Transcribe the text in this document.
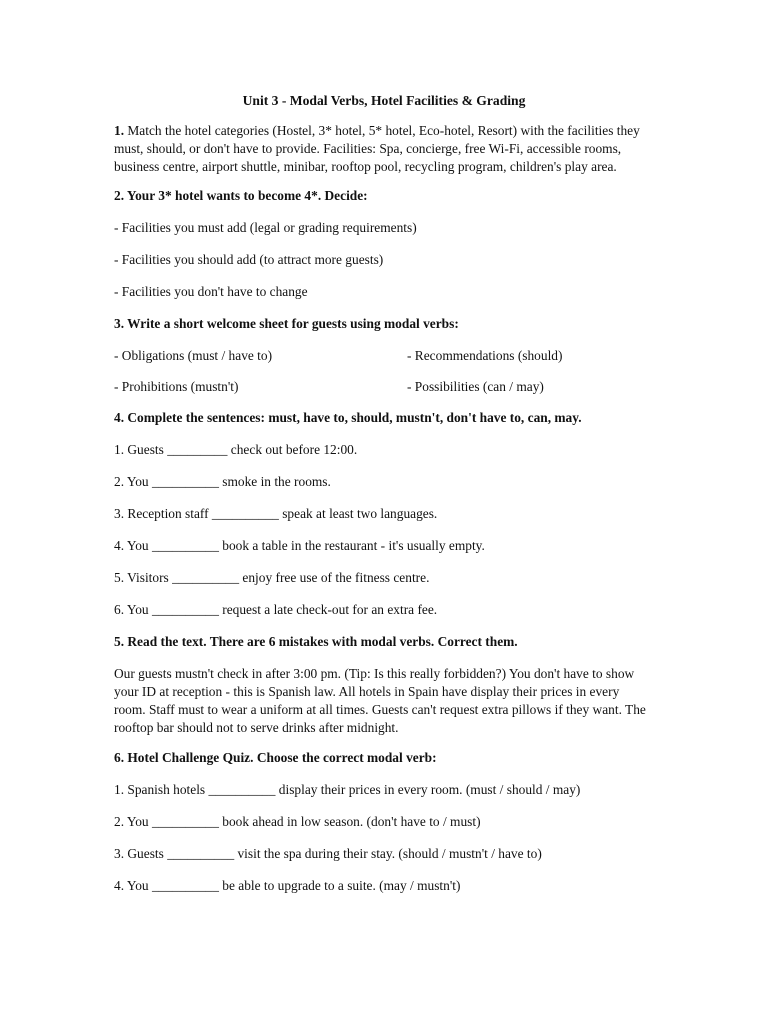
Unit 3 - Modal Verbs, Hotel Facilities & Grading
1. Match the hotel categories (Hostel, 3* hotel, 5* hotel, Eco-hotel, Resort) with the facilities they must, should, or don't have to provide. Facilities: Spa, concierge, free Wi-Fi, accessible rooms, business centre, airport shuttle, minibar, rooftop pool, recycling program, children's play area.
2. Your 3* hotel wants to become 4*. Decide:
- Facilities you must add (legal or grading requirements)
- Facilities you should add (to attract more guests)
- Facilities you don't have to change
3. Write a short welcome sheet for guests using modal verbs:
- Obligations (must / have to)	- Recommendations (should)
- Prohibitions (mustn't)	- Possibilities (can / may)
4. Complete the sentences: must, have to, should, mustn't, don't have to, can, may.
1. Guests _________ check out before 12:00.
2. You __________ smoke in the rooms.
3. Reception staff __________ speak at least two languages.
4. You __________ book a table in the restaurant - it's usually empty.
5. Visitors __________ enjoy free use of the fitness centre.
6. You __________ request a late check-out for an extra fee.
5. Read the text. There are 6 mistakes with modal verbs. Correct them.
Our guests mustn't check in after 3:00 pm. (Tip: Is this really forbidden?) You don't have to show your ID at reception - this is Spanish law. All hotels in Spain have display their prices in every room. Staff must to wear a uniform at all times. Guests can't request extra pillows if they want. The rooftop bar should not to serve drinks after midnight.
6. Hotel Challenge Quiz. Choose the correct modal verb:
1. Spanish hotels __________ display their prices in every room. (must / should / may)
2. You __________ book ahead in low season. (don't have to / must)
3. Guests __________ visit the spa during their stay. (should / mustn't / have to)
4. You __________ be able to upgrade to a suite. (may / mustn't)
